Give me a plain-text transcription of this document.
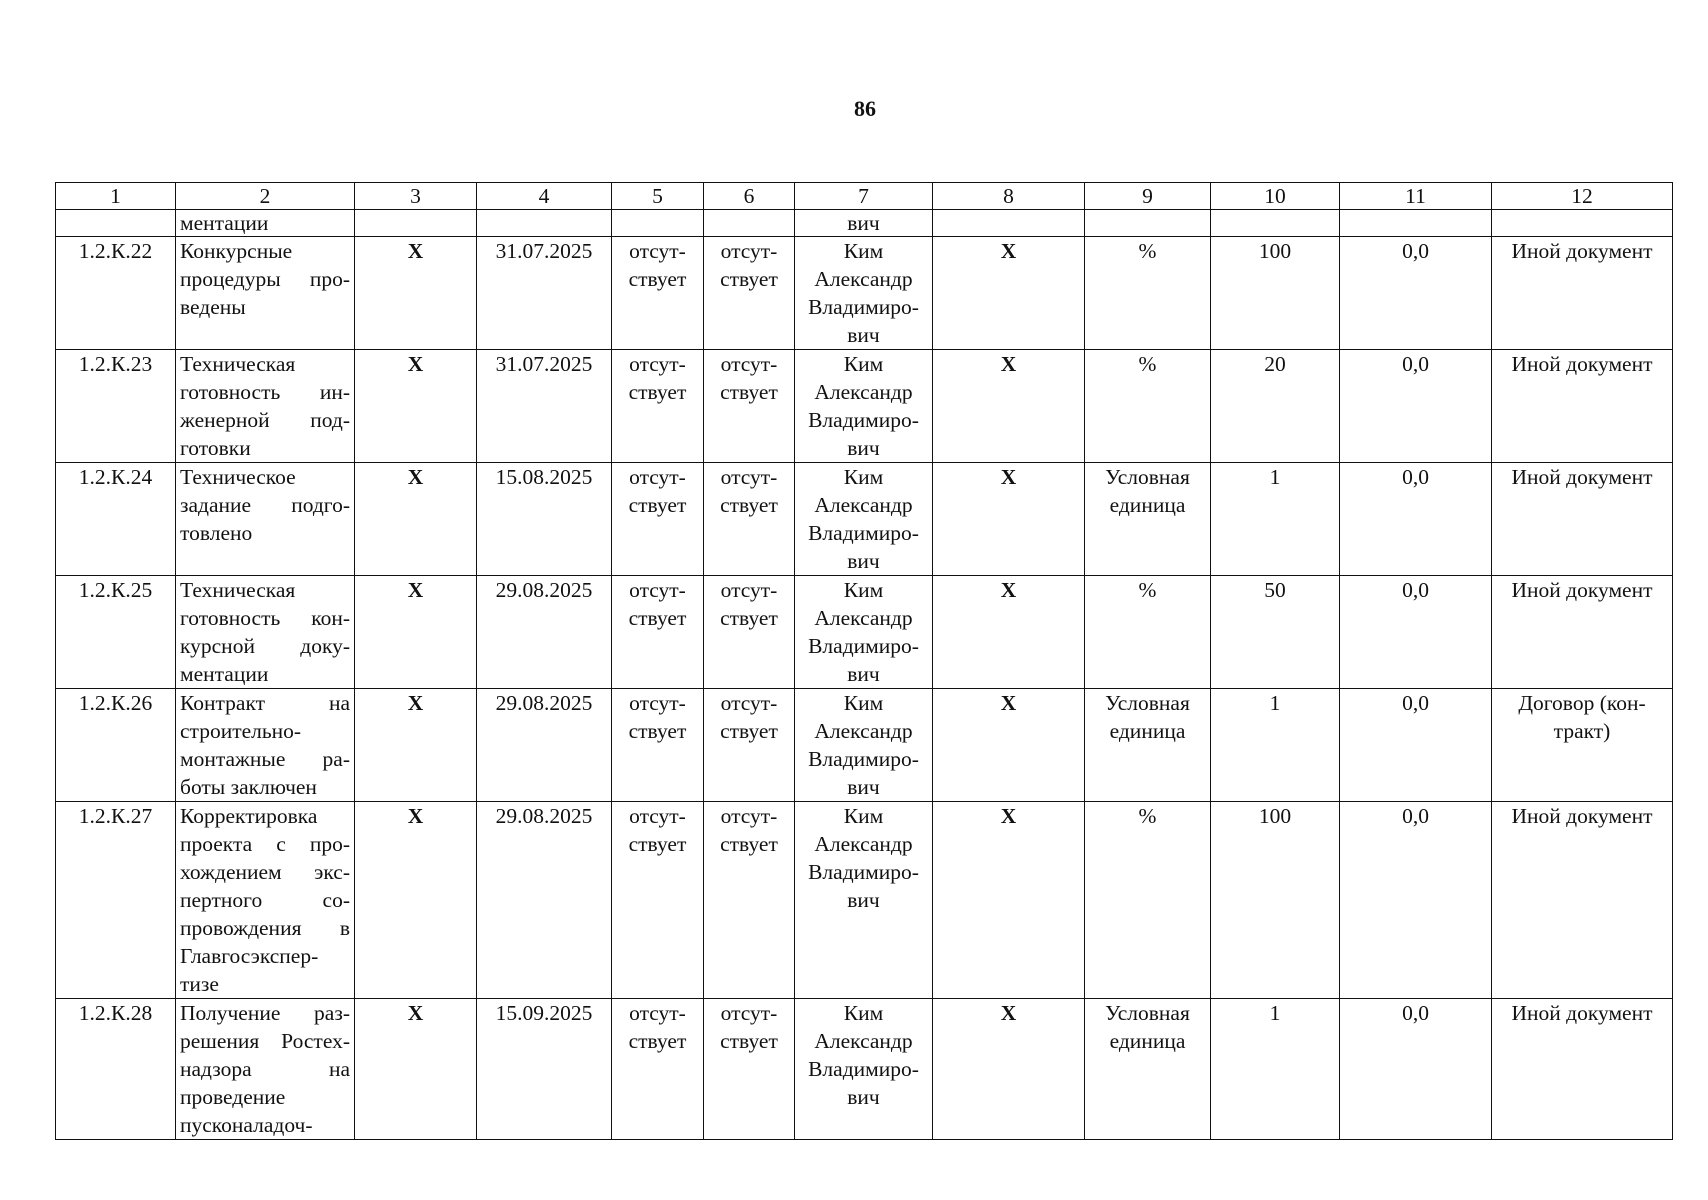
86
1	2	3	4	5	6	7	8	9	10	11	12
	ментации					вич					
1.2.К.22	Конкурсные процедуры про-ведены	X	31.07.2025	отсут-ствует	отсут-ствует	Ким Александр Владимиро-вич	X	%	100	0,0	Иной документ
1.2.К.23	Техническая готовность ин-женерной под-готовки	X	31.07.2025	отсут-ствует	отсут-ствует	Ким Александр Владимиро-вич	X	%	20	0,0	Иной документ
1.2.К.24	Техническое задание подго-товлено	X	15.08.2025	отсут-ствует	отсут-ствует	Ким Александр Владимиро-вич	X	Условная единица	1	0,0	Иной документ
1.2.К.25	Техническая готовность кон-курсной доку-ментации	X	29.08.2025	отсут-ствует	отсут-ствует	Ким Александр Владимиро-вич	X	%	50	0,0	Иной документ
1.2.К.26	Контракт на строительно-монтажные ра-боты заключен	X	29.08.2025	отсут-ствует	отсут-ствует	Ким Александр Владимиро-вич	X	Условная единица	1	0,0	Договор (кон-тракт)
1.2.К.27	Корректировка проекта с про-хождением экс-пертного со-провождения в Главгосэкспер-тизе	X	29.08.2025	отсут-ствует	отсут-ствует	Ким Александр Владимиро-вич	X	%	100	0,0	Иной документ
1.2.К.28	Получение раз-решения Ростех-надзора на проведение пусконаладоч-	X	15.09.2025	отсут-ствует	отсут-ствует	Ким Александр Владимиро-вич	X	Условная единица	1	0,0	Иной документ
